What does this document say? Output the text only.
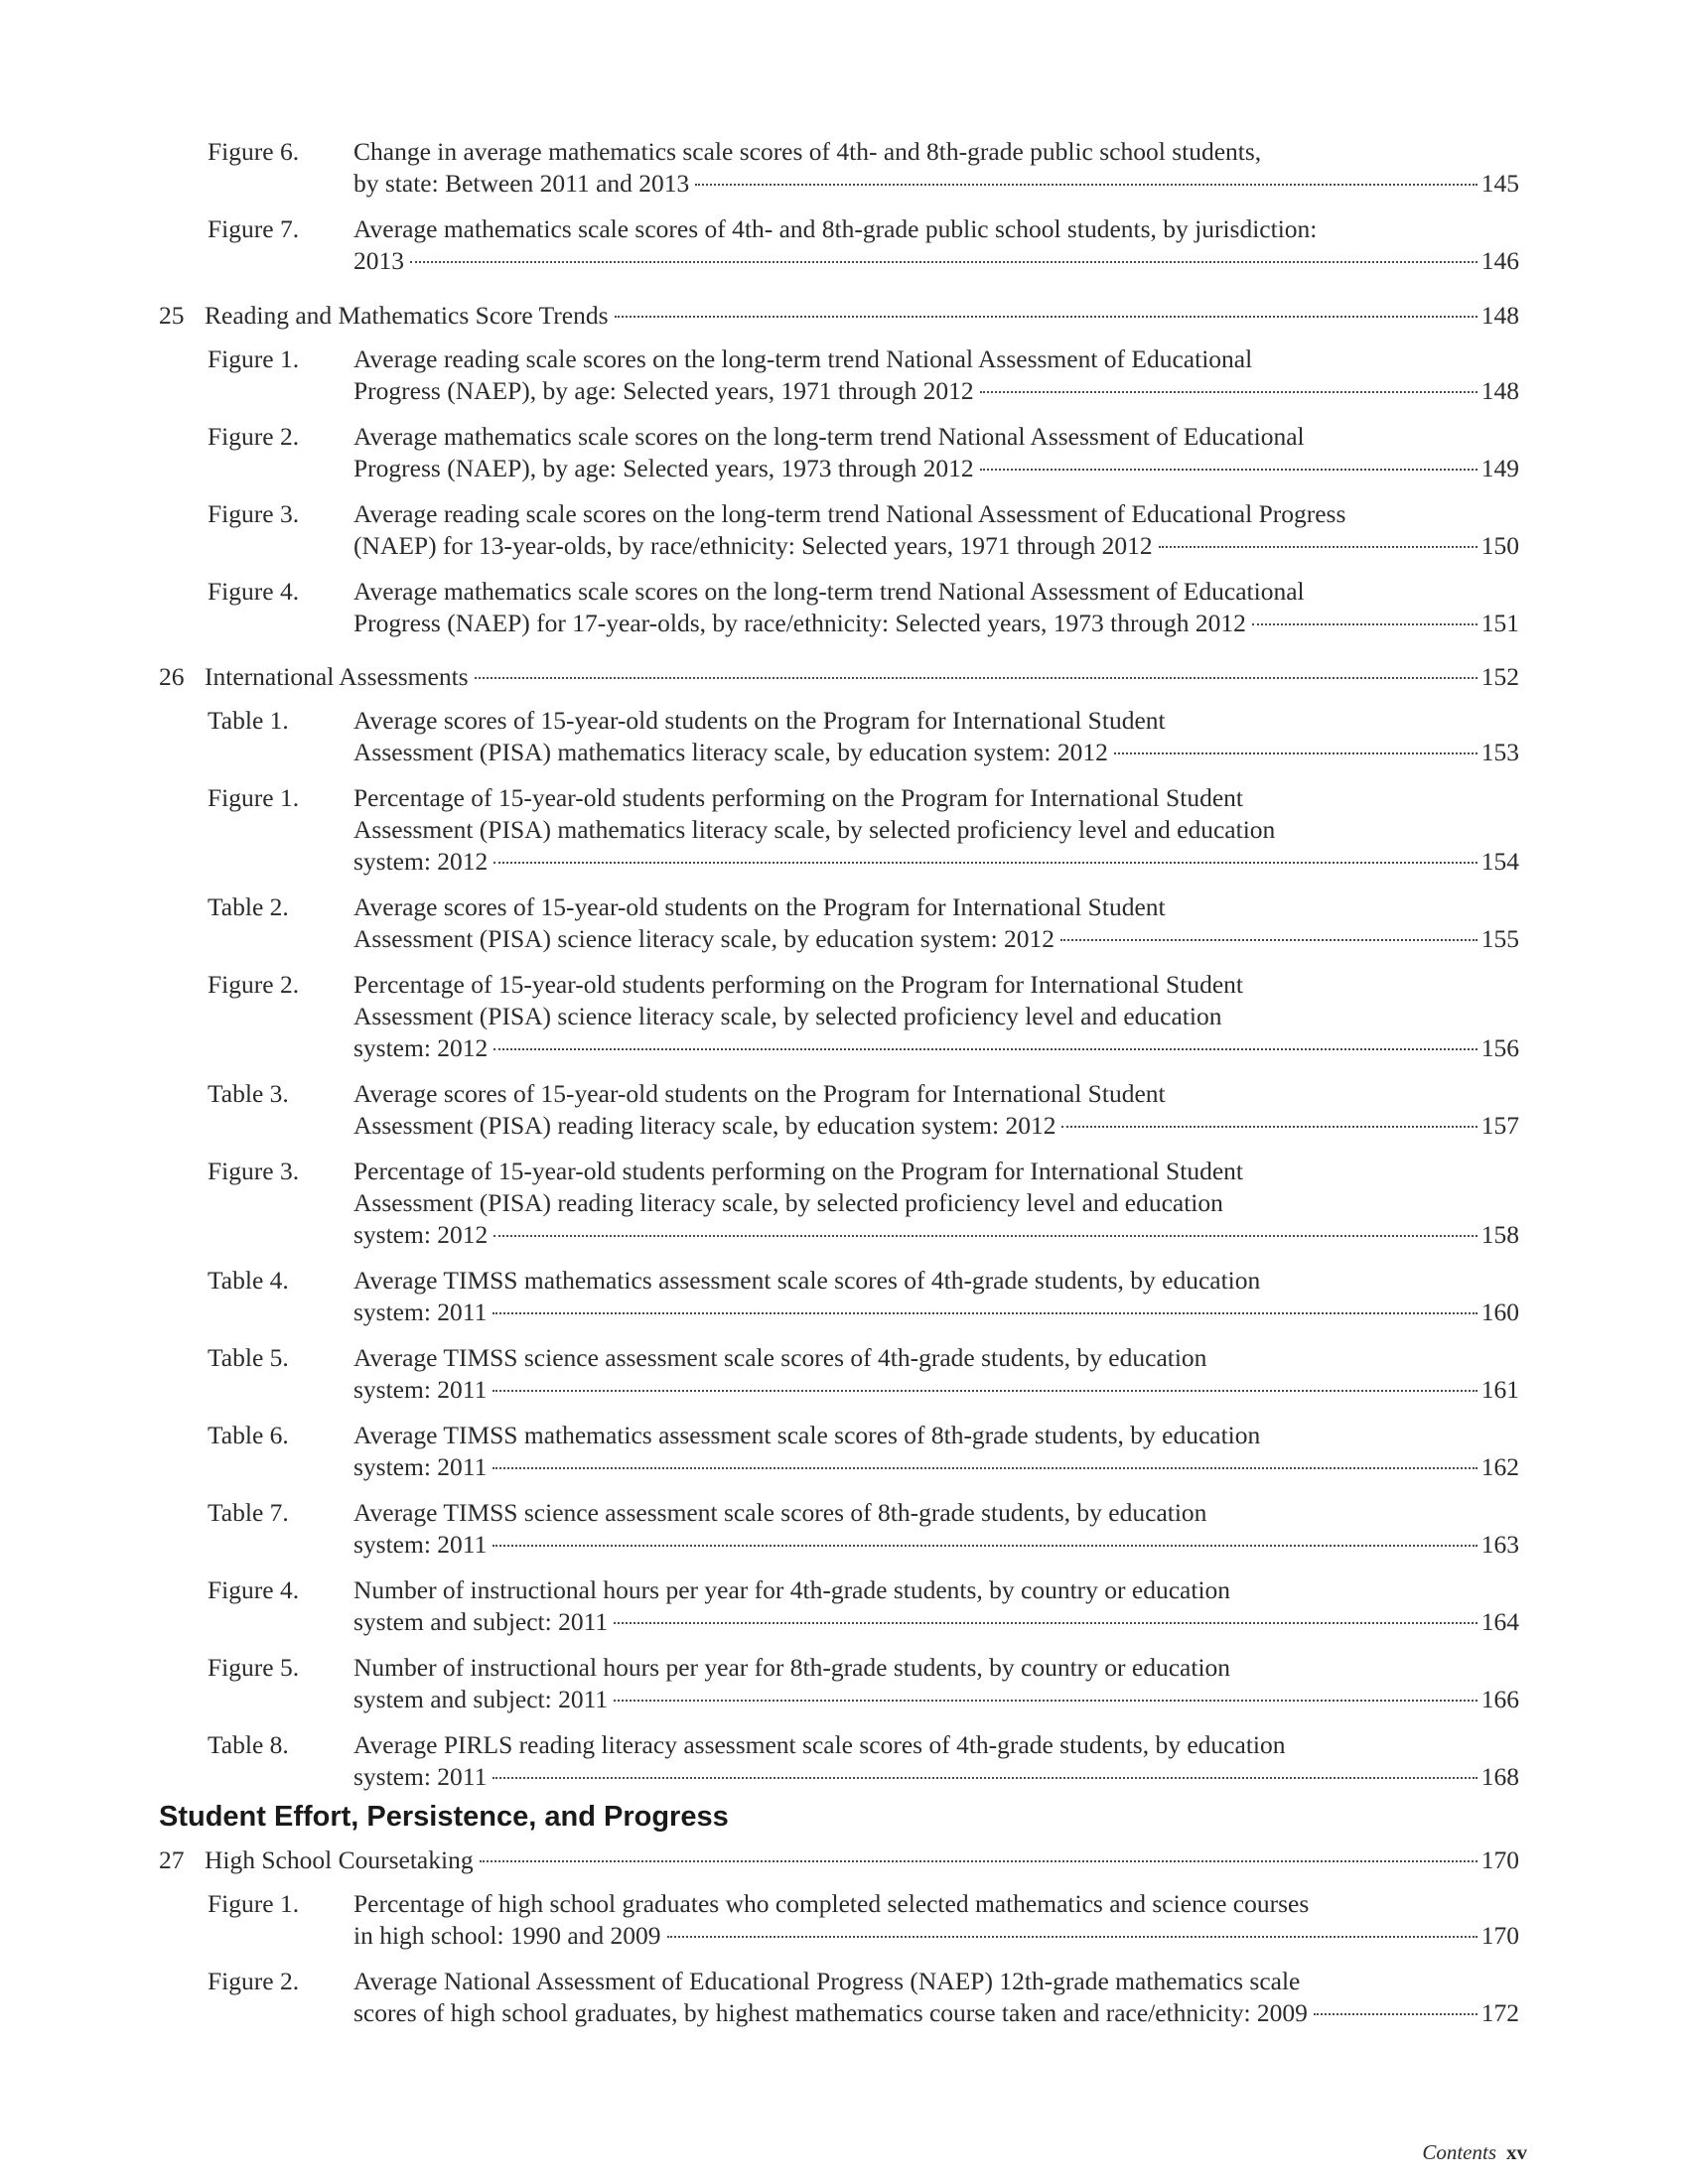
Figure 6. Change in average mathematics scale scores of 4th- and 8th-grade public school students,
by state: Between 2011 and 2013	145
Figure 7. Average mathematics scale scores of 4th- and 8th-grade public school students, by jurisdiction:
2013	146
25 Reading and Mathematics Score Trends	148
Figure 1. Average reading scale scores on the long-term trend National Assessment of Educational
Progress (NAEP), by age: Selected years, 1971 through 2012	148
Figure 2. Average mathematics scale scores on the long-term trend National Assessment of Educational
Progress (NAEP), by age: Selected years, 1973 through 2012	149
Figure 3. Average reading scale scores on the long-term trend National Assessment of Educational Progress
(NAEP) for 13-year-olds, by race/ethnicity: Selected years, 1971 through 2012	150
Figure 4. Average mathematics scale scores on the long-term trend National Assessment of Educational
Progress (NAEP) for 17-year-olds, by race/ethnicity: Selected years, 1973 through 2012	151
26 International Assessments	152
Table 1.	Average scores of 15-year-old students on the Program for International Student
Assessment (PISA) mathematics literacy scale, by education system: 2012	153
Figure 1. Percentage of 15-year-old students performing on the Program for International Student
Assessment (PISA) mathematics literacy scale, by selected proficiency level and education
system: 2012	154
Table 2.	Average scores of 15-year-old students on the Program for International Student
Assessment (PISA) science literacy scale, by education system: 2012	155
Figure 2. Percentage of 15-year-old students performing on the Program for International Student
Assessment (PISA) science literacy scale, by selected proficiency level and education
system: 2012	156
Table 3.	Average scores of 15-year-old students on the Program for International Student
Assessment (PISA) reading literacy scale, by education system: 2012	157
Figure 3. Percentage of 15-year-old students performing on the Program for International Student
Assessment (PISA) reading literacy scale, by selected proficiency level and education
system: 2012	158
Table 4.	Average TIMSS mathematics assessment scale scores of 4th-grade students, by education
system: 2011	160
Table 5.	Average TIMSS science assessment scale scores of 4th-grade students, by education
system: 2011	161
Table 6.	Average TIMSS mathematics assessment scale scores of 8th-grade students, by education
system: 2011	162
Table 7.	Average TIMSS science assessment scale scores of 8th-grade students, by education
system: 2011	163
Figure 4. Number of instructional hours per year for 4th-grade students, by country or education
system and subject: 2011	164
Figure 5. Number of instructional hours per year for 8th-grade students, by country or education
system and subject: 2011	166
Table 8.	Average PIRLS reading literacy assessment scale scores of 4th-grade students, by education
system: 2011	168
Student Effort, Persistence, and Progress
27 High School Coursetaking	170
Figure 1. Percentage of high school graduates who completed selected mathematics and science courses
in high school: 1990 and 2009	170
Figure 2. Average National Assessment of Educational Progress (NAEP) 12th-grade mathematics scale
scores of high school graduates, by highest mathematics course taken and race/ethnicity: 2009	172
Contents xv
